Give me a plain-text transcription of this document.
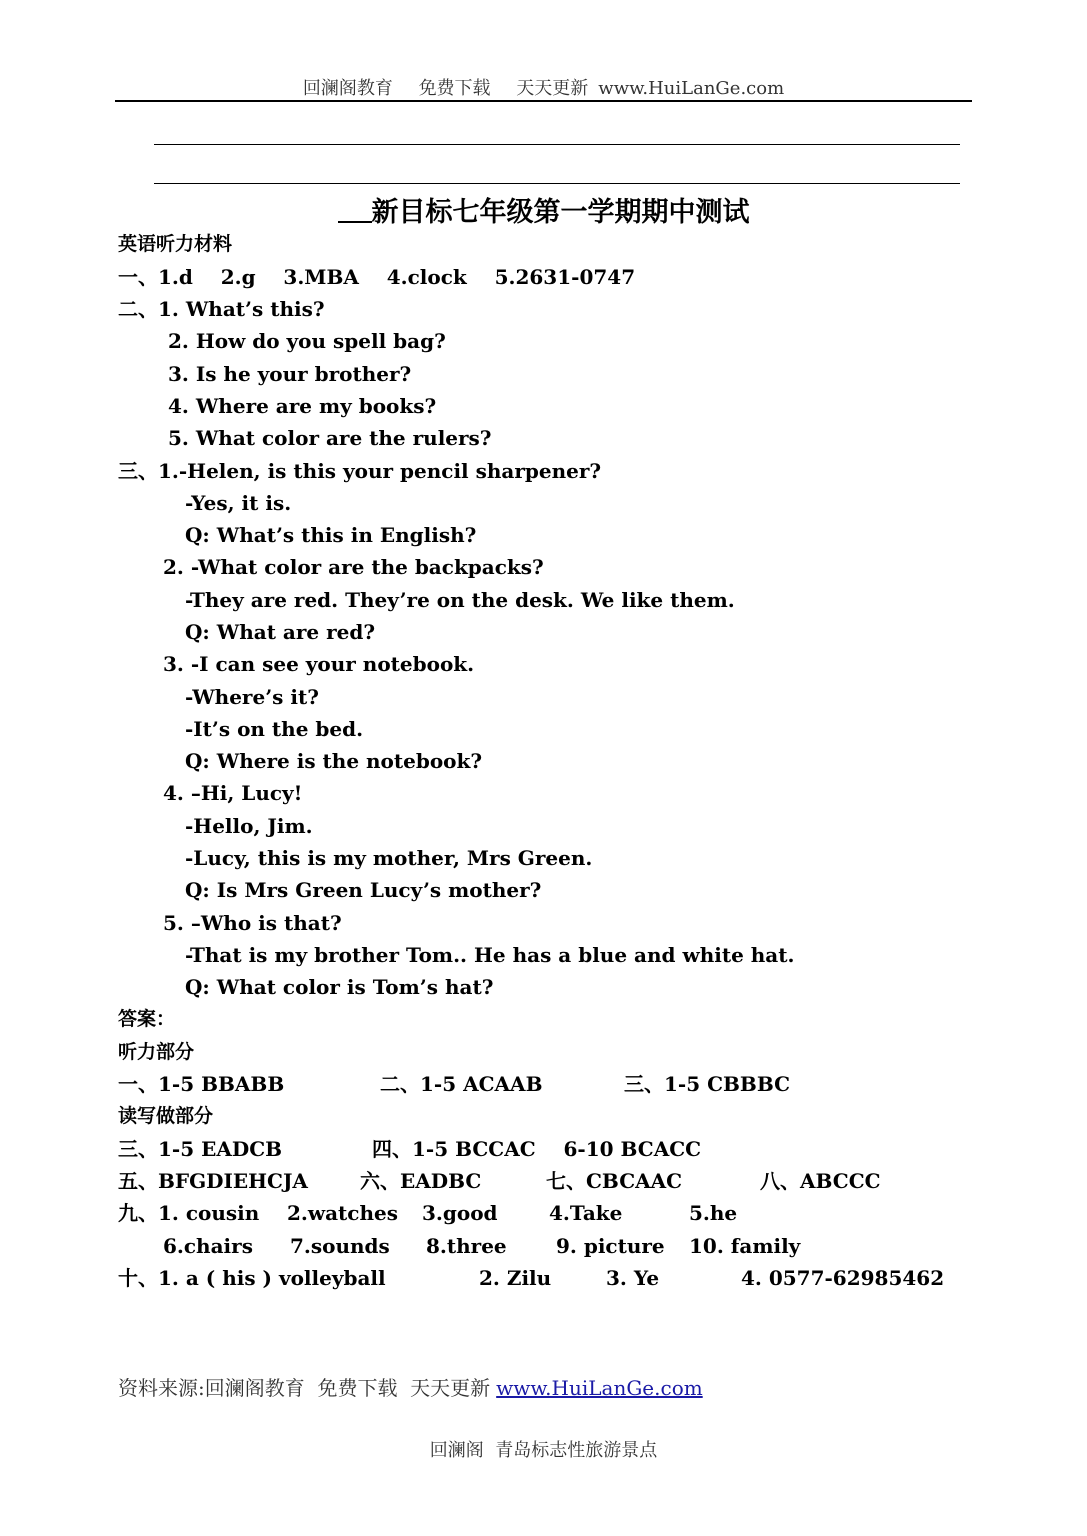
回澜阁教育 免费下载 天天更新 www.HuiLanGe.com
新目标七年级第一学期期中测试
英语听力材料
一、1.d    2.g    3.MBA    4.clock    5.2631-0747
二、1. What’s this?
2. How do you spell bag?
3. Is he your brother?
4. Where are my books?
5. What color are the rulers?
三、1.-Helen, is this your pencil sharpener?
-Yes, it is.
Q: What’s this in English?
2. -What color are the backpacks?
-They are red. They’re on the desk. We like them.
Q: What are red?
3. -I can see your notebook.
-Where’s it?
-It’s on the bed.
Q: Where is the notebook?
4. –Hi, Lucy!
-Hello, Jim.
-Lucy, this is my mother, Mrs Green.
Q: Is Mrs Green Lucy’s mother?
5. –Who is that?
-That is my brother Tom.. He has a blue and white hat.
Q: What color is Tom’s hat?
答案：
听力部分
一、1-5 BBABB	二、1-5 ACAAB	三、1-5 CBBBC
读写做部分
三、1-5 EADCB	四、1-5 BCCAC    6-10 BCACC
五、BFGDIEHCJA	六、EADBC	七、CBCAAC	八、ABCCC
九、1. cousin 2.watches 3.good	4.Take	5.he
6.chairs 7.sounds 8.three 9. picture 10. family
十、1. a ( his ) volleyball	2. Zilu	3. Ye	4. 0577-62985462
资料来源:回澜阁教育  免费下载  天天更新 www.HuiLanGe.com
回澜阁  青岛标志性旅游景点
